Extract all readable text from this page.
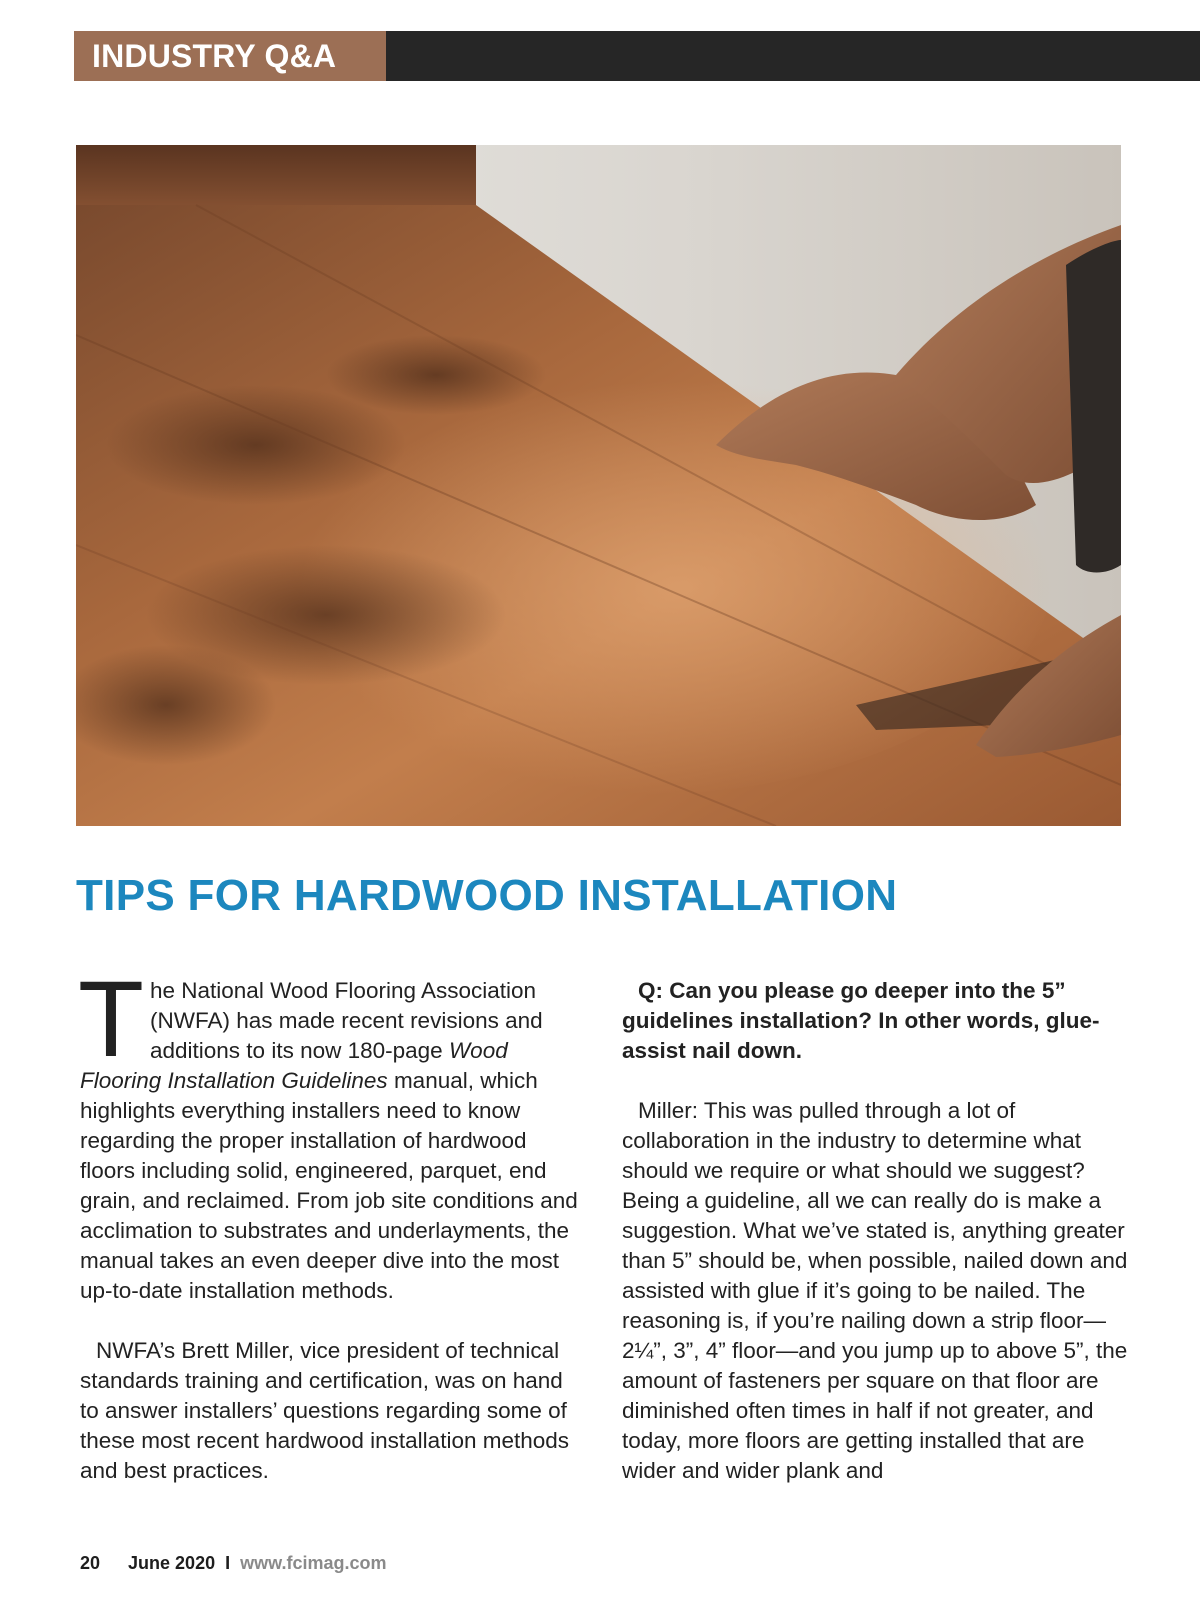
INDUSTRY Q&A
TIPS FOR HARDWOOD INSTALLATION

The National Wood Flooring Association (NWFA) has made recent revisions and additions to its now 180-page Wood Flooring Installation Guidelines manual, which highlights everything installers need to know regarding the proper installation of hardwood floors including solid, engineered, parquet, end grain, and reclaimed. From job site conditions and acclimation to substrates and underlayments, the manual takes an even deeper dive into the most up-to-date installation methods.

NWFA’s Brett Miller, vice president of technical standards training and certification, was on hand to answer installers’ questions regarding some of these most recent hardwood installation methods and best practices.

Q: Can you please go deeper into the 5” guidelines installation? In other words, glue-assist nail down.

Miller: This was pulled through a lot of collaboration in the industry to determine what should we require or what should we suggest? Being a guideline, all we can really do is make a suggestion. What we’ve stated is, anything greater than 5” should be, when possible, nailed down and assisted with glue if it’s going to be nailed. The reasoning is, if you’re nailing down a strip floor—2¼”, 3”, 4” floor—and you jump up to above 5”, the amount of fasteners per square on that floor are diminished often times in half if not greater, and today, more floors are getting installed that are wider and wider plank and

20 June 2020 I www.fcimag.com
